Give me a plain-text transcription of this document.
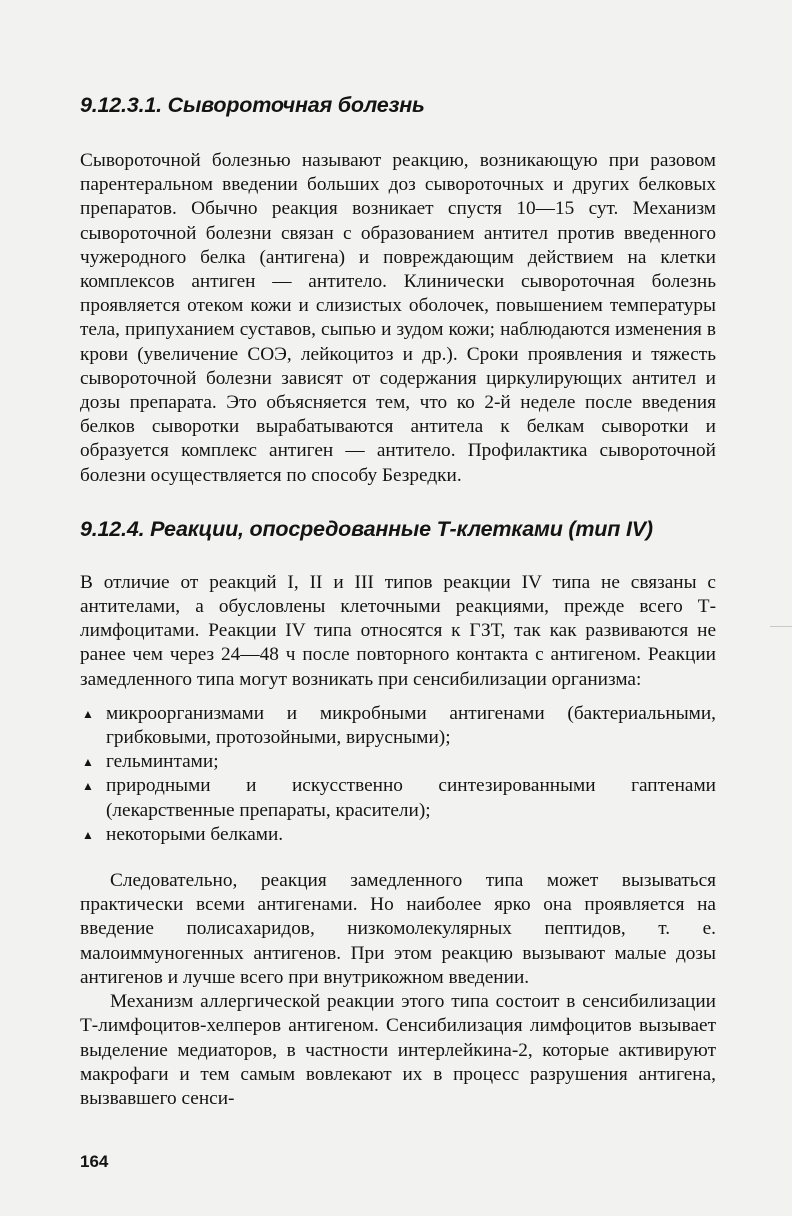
9.12.3.1. Сывороточная болезнь

Сывороточной болезнью называют реакцию, возникающую при разовом парентеральном введении больших доз сывороточных и других белковых препаратов. Обычно реакция возникает спустя 10—15 сут. Механизм сывороточной болезни связан с образованием антител против введенного чужеродного белка (антигена) и повреждающим действием на клетки комплексов антиген — антитело. Клинически сывороточная болезнь проявляется отеком кожи и слизистых оболочек, повышением температуры тела, припуханием суставов, сыпью и зудом кожи; наблюдаются изменения в крови (увеличение СОЭ, лейкоцитоз и др.). Сроки проявления и тяжесть сывороточной болезни зависят от содержания циркулирующих антител и дозы препарата. Это объясняется тем, что ко 2-й неделе после введения белков сыворотки вырабатываются антитела к белкам сыворотки и образуется комплекс антиген — антитело. Профилактика сывороточной болезни осуществляется по способу Безредки.

9.12.4. Реакции, опосредованные Т-клетками (тип IV)

В отличие от реакций I, II и III типов реакции IV типа не связаны с антителами, а обусловлены клеточными реакциями, прежде всего Т-лимфоцитами. Реакции IV типа относятся к ГЗТ, так как развиваются не ранее чем через 24—48 ч после повторного контакта с антигеном. Реакции замедленного типа могут возникать при сенсибилизации организма:

▲ микроорганизмами и микробными антигенами (бактериальными, грибковыми, протозойными, вирусными);
▲ гельминтами;
▲ природными и искусственно синтезированными гаптенами (лекарственные препараты, красители);
▲ некоторыми белками.

Следовательно, реакция замедленного типа может вызываться практически всеми антигенами. Но наиболее ярко она проявляется на введение полисахаридов, низкомолекулярных пептидов, т. е. малоиммуногенных антигенов. При этом реакцию вызывают малые дозы антигенов и лучше всего при внутрикожном введении.

Механизм аллергической реакции этого типа состоит в сенсибилизации Т-лимфоцитов-хелперов антигеном. Сенсибилизация лимфоцитов вызывает выделение медиаторов, в частности интерлейкина-2, которые активируют макрофаги и тем самым вовлекают их в процесс разрушения антигена, вызвавшего сенси-

164
